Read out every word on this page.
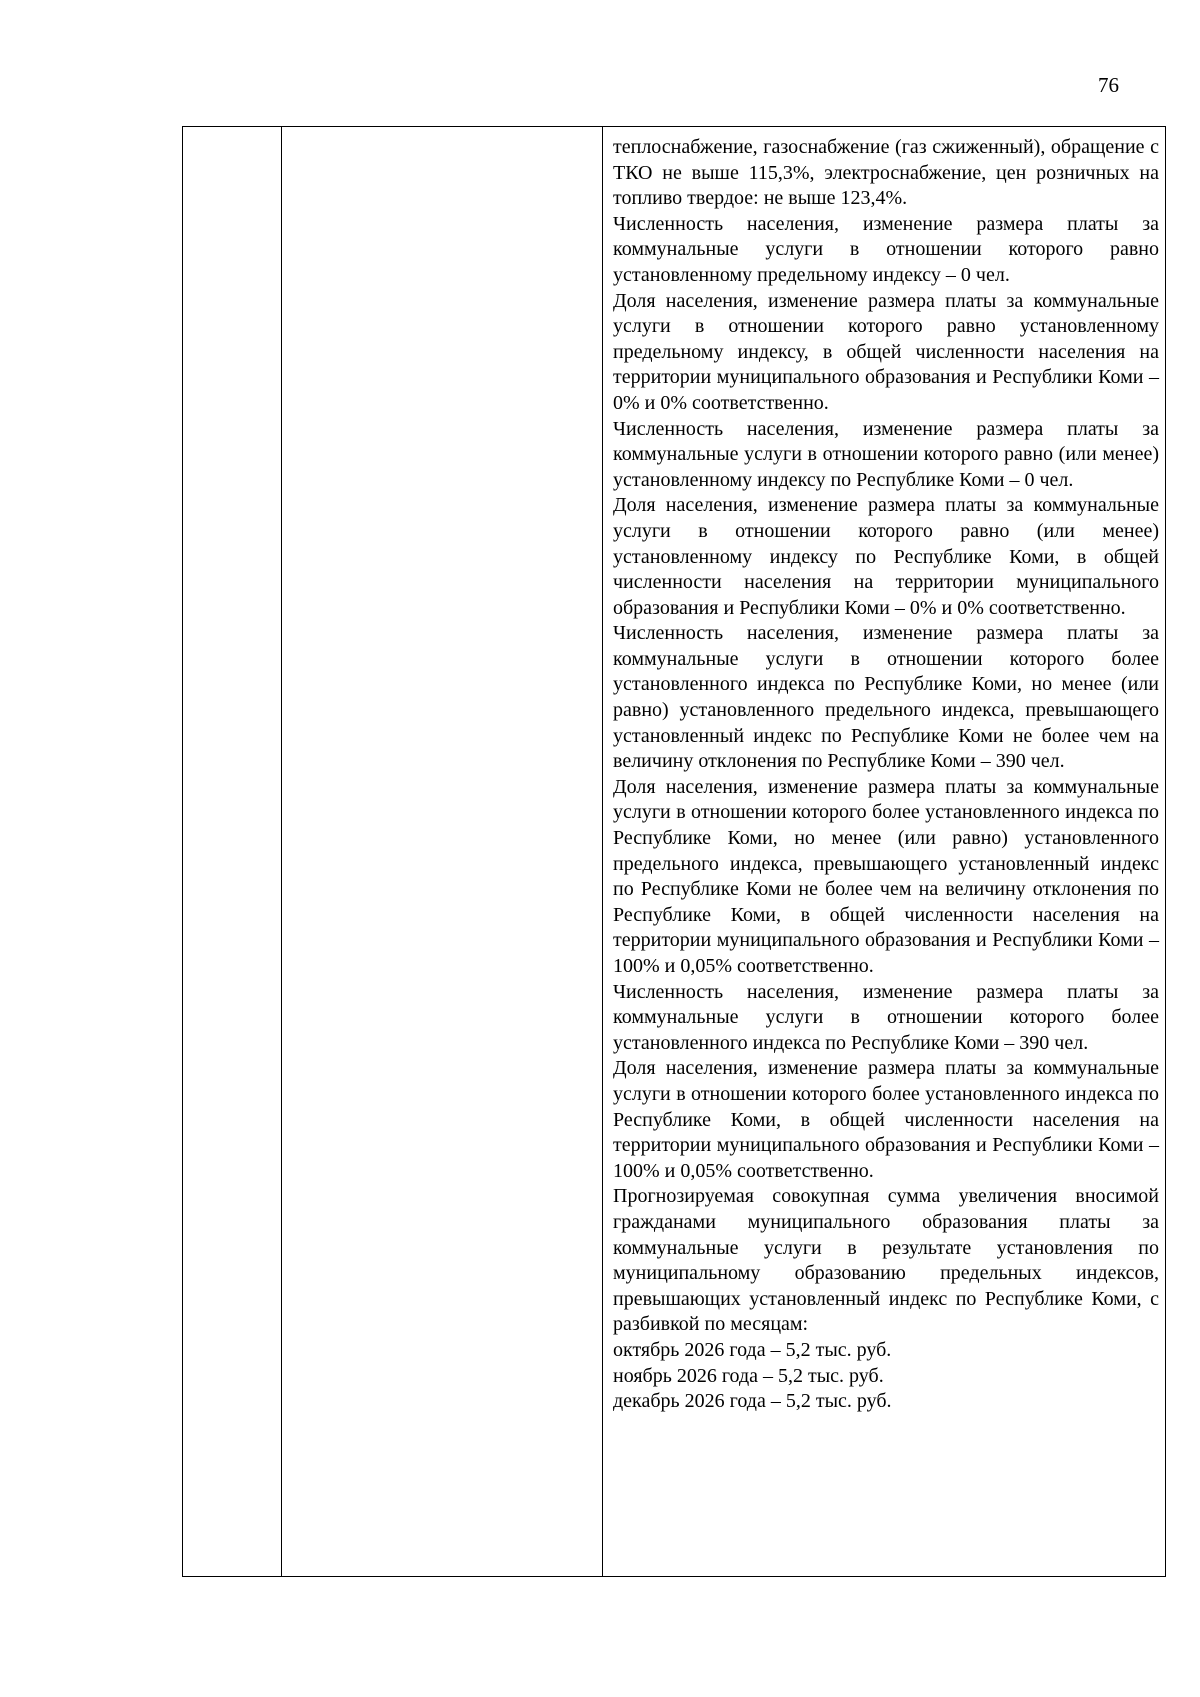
76

теплоснабжение, газоснабжение (газ сжиженный), обращение с ТКО не выше 115,3%, электроснабжение, цен розничных на топливо твердое: не выше 123,4%.

Численность населения, изменение размера платы за коммунальные услуги в отношении которого равно установленному предельному индексу – 0 чел.

Доля населения, изменение размера платы за коммунальные услуги в отношении которого равно установленному предельному индексу, в общей численности населения на территории муниципального образования и Республики Коми – 0% и 0% соответственно.

Численность населения, изменение размера платы за коммунальные услуги в отношении которого равно (или менее) установленному индексу по Республике Коми – 0 чел.

Доля населения, изменение размера платы за коммунальные услуги в отношении которого равно (или менее) установленному индексу по Республике Коми, в общей численности населения на территории муниципального образования и Республики Коми – 0% и 0% соответственно.

Численность населения, изменение размера платы за коммунальные услуги в отношении которого более установленного индекса по Республике Коми, но менее (или равно) установленного предельного индекса, превышающего установленный индекс по Республике Коми не более чем на величину отклонения по Республике Коми – 390 чел.

Доля населения, изменение размера платы за коммунальные услуги в отношении которого более установленного индекса по Республике Коми, но менее (или равно) установленного предельного индекса, превышающего установленный индекс по Республике Коми не более чем на величину отклонения по Республике Коми, в общей численности населения на территории муниципального образования и Республики Коми – 100% и 0,05% соответственно.

Численность населения, изменение размера платы за коммунальные услуги в отношении которого более установленного индекса по Республике Коми – 390 чел.

Доля населения, изменение размера платы за коммунальные услуги в отношении которого более установленного индекса по Республике Коми, в общей численности населения на территории муниципального образования и Республики Коми – 100% и 0,05% соответственно.

Прогнозируемая совокупная сумма увеличения вносимой гражданами муниципального образования платы за коммунальные услуги в результате установления по муниципальному образованию предельных индексов, превышающих установленный индекс по Республике Коми, с разбивкой по месяцам:

октябрь 2026 года – 5,2 тыс. руб.

ноябрь 2026 года – 5,2 тыс. руб.

декабрь 2026 года – 5,2 тыс. руб.
